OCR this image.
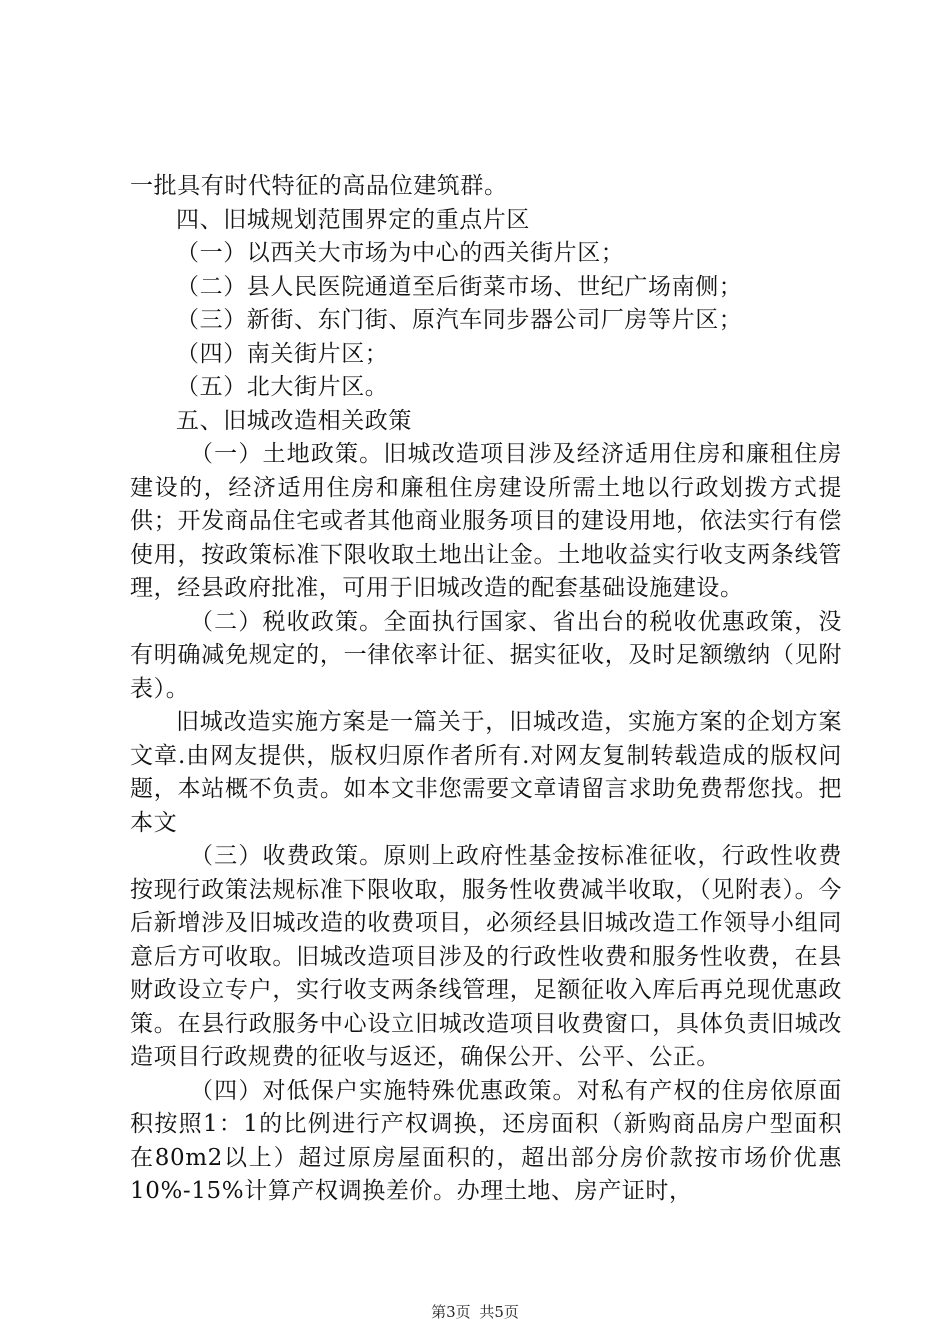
一批具有时代特征的高品位建筑群。

四、旧城规划范围界定的重点片区

（一）以西关大市场为中心的西关街片区；

（二）县人民医院通道至后街菜市场、世纪广场南侧；

（三）新街、东门街、原汽车同步器公司厂房等片区；

（四）南关街片区；

（五）北大街片区。

五、旧城改造相关政策

（一）土地政策。旧城改造项目涉及经济适用住房和廉租住房建设的，经济适用住房和廉租住房建设所需土地以行政划拨方式提供；开发商品住宅或者其他商业服务项目的建设用地，依法实行有偿使用，按政策标准下限收取土地出让金。土地收益实行收支两条线管理，经县政府批准，可用于旧城改造的配套基础设施建设。

（二）税收政策。全面执行国家、省出台的税收优惠政策，没有明确减免规定的，一律依率计征、据实征收，及时足额缴纳（见附表）。

旧城改造实施方案是一篇关于，旧城改造，实施方案的企划方案文章.由网友提供，版权归原作者所有.对网友复制转载造成的版权问题，本站概不负责。如本文非您需要文章请留言求助免费帮您找。把本文

（三）收费政策。原则上政府性基金按标准征收，行政性收费按现行政策法规标准下限收取，服务性收费减半收取，（见附表）。今后新增涉及旧城改造的收费项目，必须经县旧城改造工作领导小组同意后方可收取。旧城改造项目涉及的行政性收费和服务性收费，在县财政设立专户，实行收支两条线管理，足额征收入库后再兑现优惠政策。在县行政服务中心设立旧城改造项目收费窗口，具体负责旧城改造项目行政规费的征收与返还，确保公开、公平、公正。

（四）对低保户实施特殊优惠政策。对私有产权的住房依原面积按照1：1的比例进行产权调换，还房面积（新购商品房户型面积在80m2以上）超过原房屋面积的，超出部分房价款按市场价优惠10%-15%计算产权调换差价。办理土地、房产证时，

第3页 共5页
